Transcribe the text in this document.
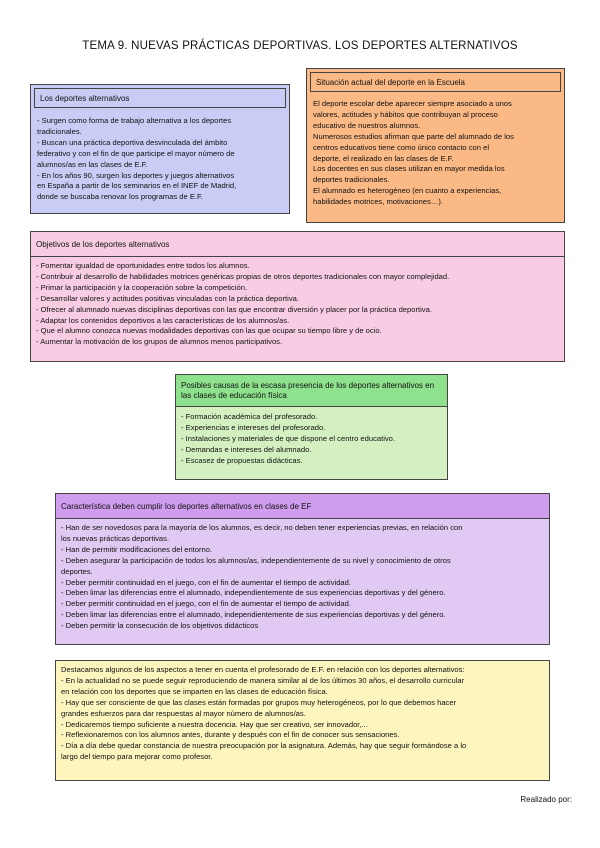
TEMA 9. NUEVAS PRÁCTICAS DEPORTIVAS. LOS DEPORTES ALTERNATIVOS
Los deportes alternativos
- Surgen como forma de trabajo alternativa a los deportes
tradicionales.
- Buscan una práctica deportiva desvinculada del ámbito
federativo y con el fin de que participe el mayor número de
alumnos/as en las clases de E.F.
- En los años 90, surgen los deportes y juegos alternativos
en España a partir de los seminarios en el INEF de Madrid,
donde se buscaba renovar los programas de E.F.
Situación actual del deporte en la Escuela
El deporte escolar debe aparecer siempre asociado a unos
valores, actitudes y hábitos que contribuyan al proceso
educativo de nuestros alumnos.
Numerosos estudios afirman que parte del alumnado de los
centros educativos tiene como único contacto con el
deporte, el realizado en las clases de E.F.
Los docentes en sus clases utilizan en mayor medida los
deportes tradicionales.
El alumnado es heterogéneo (en cuanto a experiencias,
habilidades motrices, motivaciones…).
Objetivos de los deportes alternativos
- Fomentar igualdad de oportunidades entre todos los alumnos.
- Contribuir al desarrollo de habilidades motrices genéricas propias de otros deportes tradicionales con mayor complejidad.
- Primar la participación y la cooperación sobre la competición.
- Desarrollar valores y actitudes positivas vinculadas con la práctica deportiva.
- Ofrecer al alumnado nuevas disciplinas deportivas con las que encontrar diversión y placer por la práctica deportiva.
- Adaptar los contenidos deportivos a las características de los alumnos/as.
- Que el alumno conozca nuevas modalidades deportivas con las que ocupar su tiempo libre y de ocio.
- Aumentar la motivación de los grupos de alumnos menos participativos.
Posibles causas de la escasa presencia de los deportes alternativos en las clases de educación física
- Formación académica del profesorado.
- Experiencias e intereses del profesorado.
- Instalaciones y materiales de que dispone el centro educativo.
- Demandas e intereses del alumnado.
- Escasez de propuestas didácticas.
Característica deben cumplir los deportes alternativos en clases de EF
- Han de ser novedosos para la mayoría de los alumnos, es decir, no deben tener experiencias previas, en relación con
los nuevas prácticas deportivas.
- Han de permitir modificaciones del entorno.
- Deben asegurar la participación de todos los alumnos/as, independientemente de su nivel y conocimiento de otros
deportes.
- Deber permitir continuidad en el juego, con el fin de aumentar el tiempo de actividad.
- Deben limar las diferencias entre el alumnado, independientemente de sus experiencias deportivas y del género.
- Deber permitir continuidad en el juego, con el fin de aumentar el tiempo de actividad.
- Deben limar las diferencias entre el alumnado, independientemente de sus experiencias deportivas y del género.
- Deben permitir la consecución de los objetivos didácticos
Destacamos algunos de los aspectos a tener en cuenta el profesorado de E.F. en relación con los deportes alternativos:
- En la actualidad no se puede seguir reproduciendo de manera similar al de los últimos 30 años, el desarrollo curricular
en relación con los deportes que se imparten en las clases de educación física.
- Hay que ser consciente de que las clases están formadas por grupos muy heterogéneos, por lo que debemos hacer
grandes esfuerzos para dar respuestas al mayor número de alumnos/as.
- Dedicaremos tiempo suficiente a nuestra docencia. Hay que ser creativo, ser innovador,...
- Reflexionaremos con los alumnos antes, durante y después con el fin de conocer sus sensaciones.
- Día a día debe quedar constancia de nuestra preocupación por la asignatura. Además, hay que seguir formándose a lo
largo del tiempo para mejorar como profesor.
Realizado por:
